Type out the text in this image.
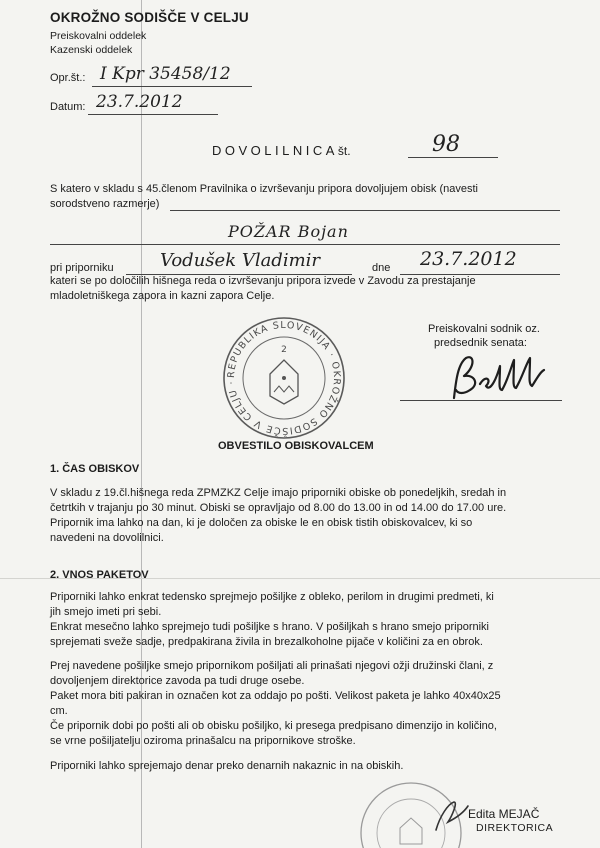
OKROŽNO SODIŠČE V CELJU
Preiskovalni oddelek
Kazenski oddelek
Opr.št.: I Kpr 35458/12
Datum: 23.7.2012
DOVOLILNICAšt.	98
S katero v skladu s 45.členom Pravilnika o izvrševanju pripora dovoljujem obisk (navesti
sorodstveno razmerje)
POŽAR Bojan
pri priporniku	Vodušek Vladimir	dne 23.7.2012
kateri se po določilih hišnega reda o izvrševanju pripora izvede v Zavodu za prestajanje
mladoletniškega zapora in kazni zapora Celje.
REPUBLIKA SLOVENIJA · OKROŽNO SODIŠČE V CELJU ·
2
Preiskovalni sodnik oz.
predsednik senata:
OBVESTILO OBISKOVALCEM
1. ČAS OBISKOV
V skladu z 19.čl.hišnega reda ZPMZKZ Celje imajo priporniki obiske ob ponedeljkih, sredah in
četrtkih v trajanju po 30 minut. Obiski se opravljajo od 8.00 do 13.00 in od 14.00 do 17.00 ure.
Pripornik ima lahko na dan, ki je določen za obiske le en obisk tistih obiskovalcev, ki so
navedeni na dovolilnici.
2. VNOS PAKETOV
Priporniki lahko enkrat tedensko sprejmejo pošiljke z obleko, perilom in drugimi predmeti, ki
jih smejo imeti pri sebi.
Enkrat mesečno lahko sprejmejo tudi pošiljke s hrano. V pošiljkah s hrano smejo priporniki
sprejemati sveže sadje, predpakirana živila in brezalkoholne pijače v količini za en obrok.
Prej navedene pošiljke smejo pripornikom pošiljati ali prinašati njegovi ožji družinski člani, z
dovoljenjem direktorice zavoda pa tudi druge osebe.
Paket mora biti pakiran in označen kot za oddajo po pošti. Velikost paketa je lahko 40x40x25
cm.
Če pripornik dobi po pošti ali ob obisku pošiljko, ki presega predpisano dimenzijo in količino,
se vrne pošiljatelju oziroma prinašalcu na pripornikove stroške.
Priporniki lahko sprejemajo denar preko denarnih nakaznic in na obiskih.
Edita MEJAČ
DIREKTORICA
